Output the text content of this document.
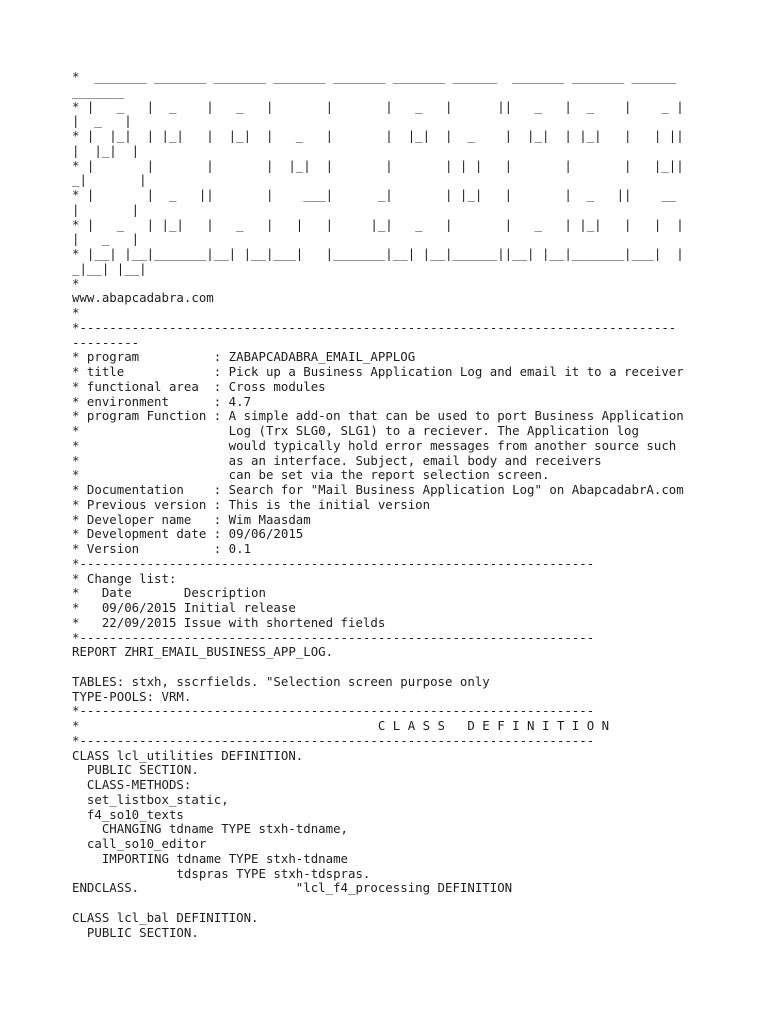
*  _______ _______ _______ _______ _______ _______ ______  _______ _______ ______
_______
* |   _   |  _    |   _   |       |       |   _   |      ||   _   |  _    |    _ |
|  _   |
* |  |_|  | |_|   |  |_|  |   _   |       |  |_|  |  _    |  |_|  | |_|   |   | ||
|  |_|  |
* |       |       |       |  |_|  |       |       | | |   |       |       |   |_||
_|       |
* |       |  _   ||       |    ___|      _|       | |_|   |       |  _   ||    __
|       |
* |   _   | |_|   |   _   |   |   |     |_|   _   |       |   _   | |_|   |   |  |
|   _   |
* |__| |__|_______|__| |__|___|   |_______|__| |__|______||__| |__|_______|___|  |
_|__| |__|
*
www.abapcadabra.com
*
*--------------------------------------------------------------------------------
---------
* program          : ZABAPCADABRA_EMAIL_APPLOG
* title            : Pick up a Business Application Log and email it to a receiver
* functional area  : Cross modules
* environment      : 4.7
* program Function : A simple add-on that can be used to port Business Application
*                    Log (Trx SLG0, SLG1) to a reciever. The Application log
*                    would typically hold error messages from another source such
*                    as an interface. Subject, email body and receivers
*                    can be set via the report selection screen.
* Documentation    : Search for "Mail Business Application Log" on AbapcadabrA.com
* Previous version : This is the initial version
* Developer name   : Wim Maasdam
* Development date : 09/06/2015
* Version          : 0.1
*---------------------------------------------------------------------
* Change list:
*   Date       Description
*   09/06/2015 Initial release
*   22/09/2015 Issue with shortened fields
*---------------------------------------------------------------------
REPORT ZHRI_EMAIL_BUSINESS_APP_LOG.
TABLES: stxh, sscrfields. "Selection screen purpose only
TYPE-POOLS: VRM.
*---------------------------------------------------------------------
*                                        C L A S S   D E F I N I T I O N
*---------------------------------------------------------------------
CLASS lcl_utilities DEFINITION.
PUBLIC SECTION.
CLASS-METHODS:
set_listbox_static,
f4_so10_texts
CHANGING tdname TYPE stxh-tdname,
call_so10_editor
IMPORTING tdname TYPE stxh-tdname
tdspras TYPE stxh-tdspras.
ENDCLASS.                     "lcl_f4_processing DEFINITION
CLASS lcl_bal DEFINITION.
PUBLIC SECTION.
